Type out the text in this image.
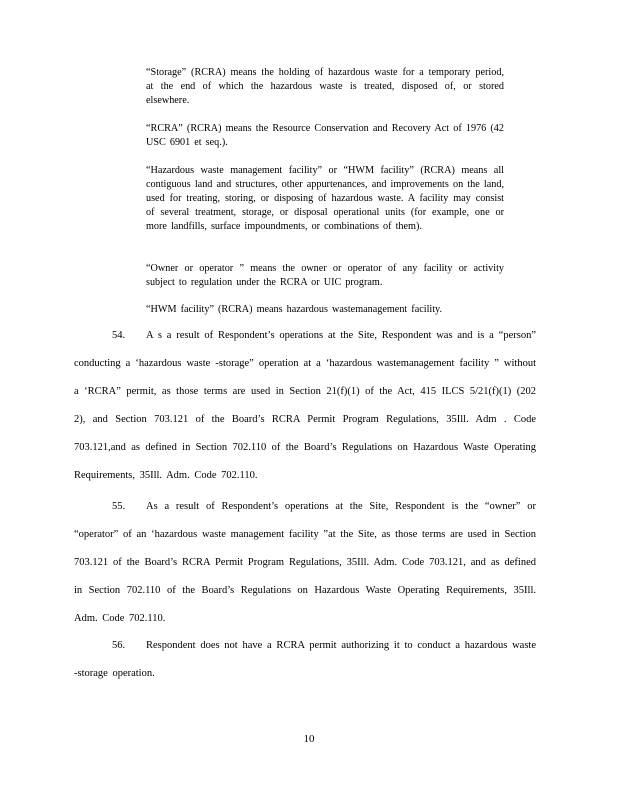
“Storage” (RCRA) means the holding of hazardous waste for a temporary period, at the end of which the hazardous waste is treated, disposed of, or stored elsewhere.

“RCRA” (RCRA) means the Resource Conservation and Recovery Act of 1976 (42 USC 6901 et seq.).

“Hazardous waste management facility” or “HWM facility” (RCRA) means all contiguous land and structures, other appurtenances, and improvements on the land, used for treating, storing, or disposing of hazardous waste. A facility may consist of several treatment, storage, or disposal operational units (for example, one or more landfills, surface impoundments, or combinations of them).

“Owner or operator ” means the owner or operator of any facility or activity subject to regulation under the RCRA or UIC program.

“HWM facility” (RCRA) means hazardous wastemanagement facility.

54. A s a result of Respondent’s operations at the Site, Respondent was and is a “person” conducting a ‘hazardous waste -storage” operation at a ‘hazardous wastemanagement facility ” without a ‘RCRA” permit, as those terms are used in Section 21(f)(1) of the Act, 415 ILCS 5/21(f)(1) (202 2), and Section 703.121 of the Board’s RCRA Permit Program Regulations, 35Ill. Adm . Code 703.121,and as defined in Section 702.110 of the Board’s Regulations on Hazardous Waste Operating Requirements, 35Ill. Adm. Code 702.110.

55. As a result of Respondent’s operations at the Site, Respondent is the “owner” or “operator” of an ‘hazardous waste management facility ”at the Site, as those terms are used in Section 703.121 of the Board’s RCRA Permit Program Regulations, 35Ill. Adm. Code 703.121, and as defined in Section 702.110 of the Board’s Regulations on Hazardous Waste Operating Requirements, 35Ill. Adm. Code 702.110.

56. Respondent does not have a RCRA permit authorizing it to conduct a hazardous waste -storage operation.

10
